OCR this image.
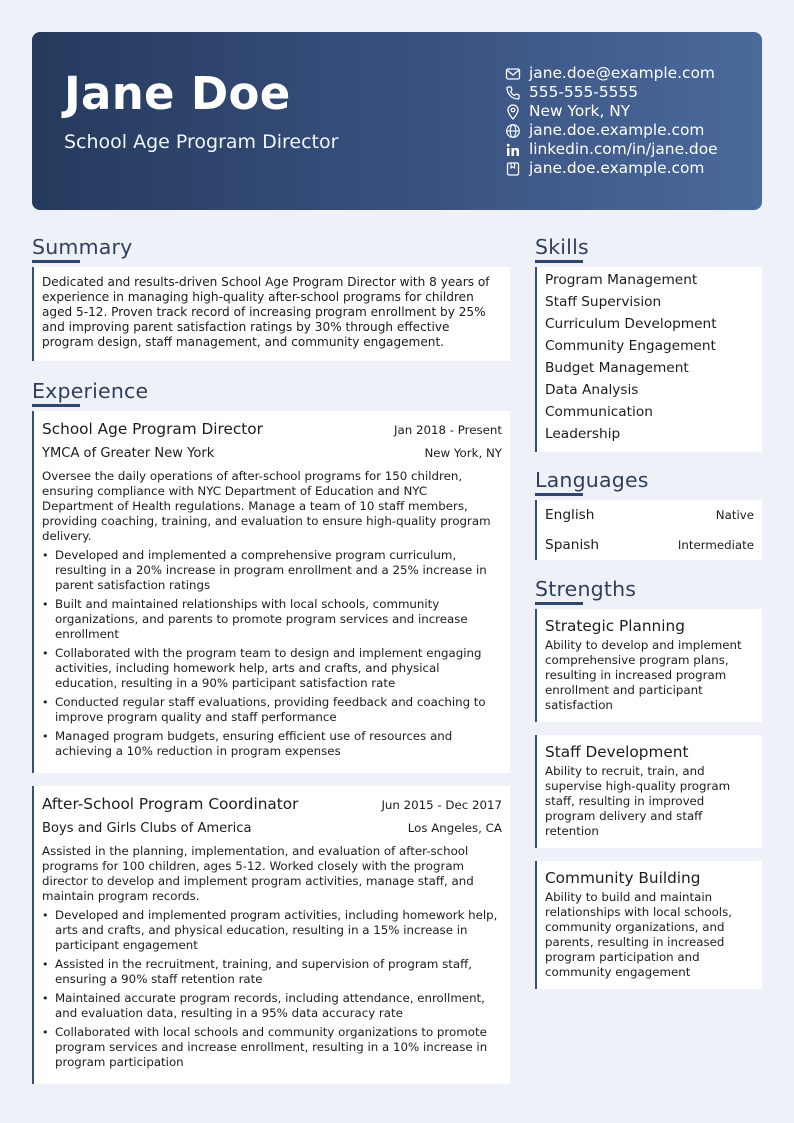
Jane Doe
School Age Program Director
jane.doe@example.com
555-555-5555
New York, NY
jane.doe.example.com
linkedin.com/in/jane.doe
jane.doe.example.com
Summary
Dedicated and results-driven School Age Program Director with 8 years of experience in managing high-quality after-school programs for children aged 5-12. Proven track record of increasing program enrollment by 25% and improving parent satisfaction ratings by 30% through effective program design, staff management, and community engagement.
Experience
School Age Program Director	Jan 2018 - Present
YMCA of Greater New York	New York, NY
Oversee the daily operations of after-school programs for 150 children, ensuring compliance with NYC Department of Education and NYC Department of Health regulations. Manage a team of 10 staff members, providing coaching, training, and evaluation to ensure high-quality program delivery.
• Developed and implemented a comprehensive program curriculum, resulting in a 20% increase in program enrollment and a 25% increase in parent satisfaction ratings
• Built and maintained relationships with local schools, community organizations, and parents to promote program services and increase enrollment
• Collaborated with the program team to design and implement engaging activities, including homework help, arts and crafts, and physical education, resulting in a 90% participant satisfaction rate
• Conducted regular staff evaluations, providing feedback and coaching to improve program quality and staff performance
• Managed program budgets, ensuring efficient use of resources and achieving a 10% reduction in program expenses
After-School Program Coordinator	Jun 2015 - Dec 2017
Boys and Girls Clubs of America	Los Angeles, CA
Assisted in the planning, implementation, and evaluation of after-school programs for 100 children, ages 5-12. Worked closely with the program director to develop and implement program activities, manage staff, and maintain program records.
• Developed and implemented program activities, including homework help, arts and crafts, and physical education, resulting in a 15% increase in participant engagement
• Assisted in the recruitment, training, and supervision of program staff, ensuring a 90% staff retention rate
• Maintained accurate program records, including attendance, enrollment, and evaluation data, resulting in a 95% data accuracy rate
• Collaborated with local schools and community organizations to promote program services and increase enrollment, resulting in a 10% increase in program participation
Skills
Program Management
Staff Supervision
Curriculum Development
Community Engagement
Budget Management
Data Analysis
Communication
Leadership
Languages
English	Native
Spanish	Intermediate
Strengths
Strategic Planning
Ability to develop and implement comprehensive program plans, resulting in increased program enrollment and participant satisfaction
Staff Development
Ability to recruit, train, and supervise high-quality program staff, resulting in improved program delivery and staff retention
Community Building
Ability to build and maintain relationships with local schools, community organizations, and parents, resulting in increased program participation and community engagement
